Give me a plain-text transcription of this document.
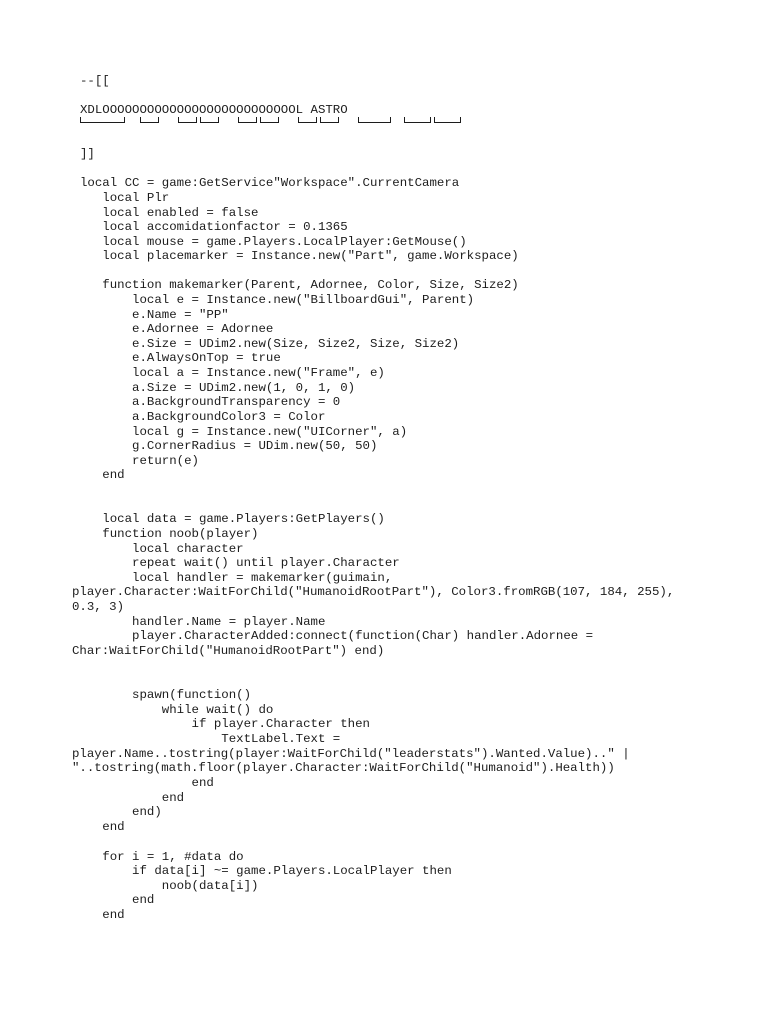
--[[
XDLOOOOOOOOOOOOOOOOOOOOOOOOOOL ASTRO
]]
local CC = game:GetService"Workspace".CurrentCamera
local Plr
local enabled = false
local accomidationfactor = 0.1365
local mouse = game.Players.LocalPlayer:GetMouse()
local placemarker = Instance.new("Part", game.Workspace)
function makemarker(Parent, Adornee, Color, Size, Size2)
local e = Instance.new("BillboardGui", Parent)
e.Name = "PP"
e.Adornee = Adornee
e.Size = UDim2.new(Size, Size2, Size, Size2)
e.AlwaysOnTop = true
local a = Instance.new("Frame", e)
a.Size = UDim2.new(1, 0, 1, 0)
a.BackgroundTransparency = 0
a.BackgroundColor3 = Color
local g = Instance.new("UICorner", a)
g.CornerRadius = UDim.new(50, 50)
return(e)
end
local data = game.Players:GetPlayers()
function noob(player)
local character
repeat wait() until player.Character
local handler = makemarker(guimain,
player.Character:WaitForChild("HumanoidRootPart"), Color3.fromRGB(107, 184, 255),
0.3, 3)
handler.Name = player.Name
player.CharacterAdded:connect(function(Char) handler.Adornee =
Char:WaitForChild("HumanoidRootPart") end)
spawn(function()
while wait() do
if player.Character then
TextLabel.Text =
player.Name..tostring(player:WaitForChild("leaderstats").Wanted.Value).." |
"..tostring(math.floor(player.Character:WaitForChild("Humanoid").Health))
end
end
end)
end
for i = 1, #data do
if data[i] ~= game.Players.LocalPlayer then
noob(data[i])
end
end
